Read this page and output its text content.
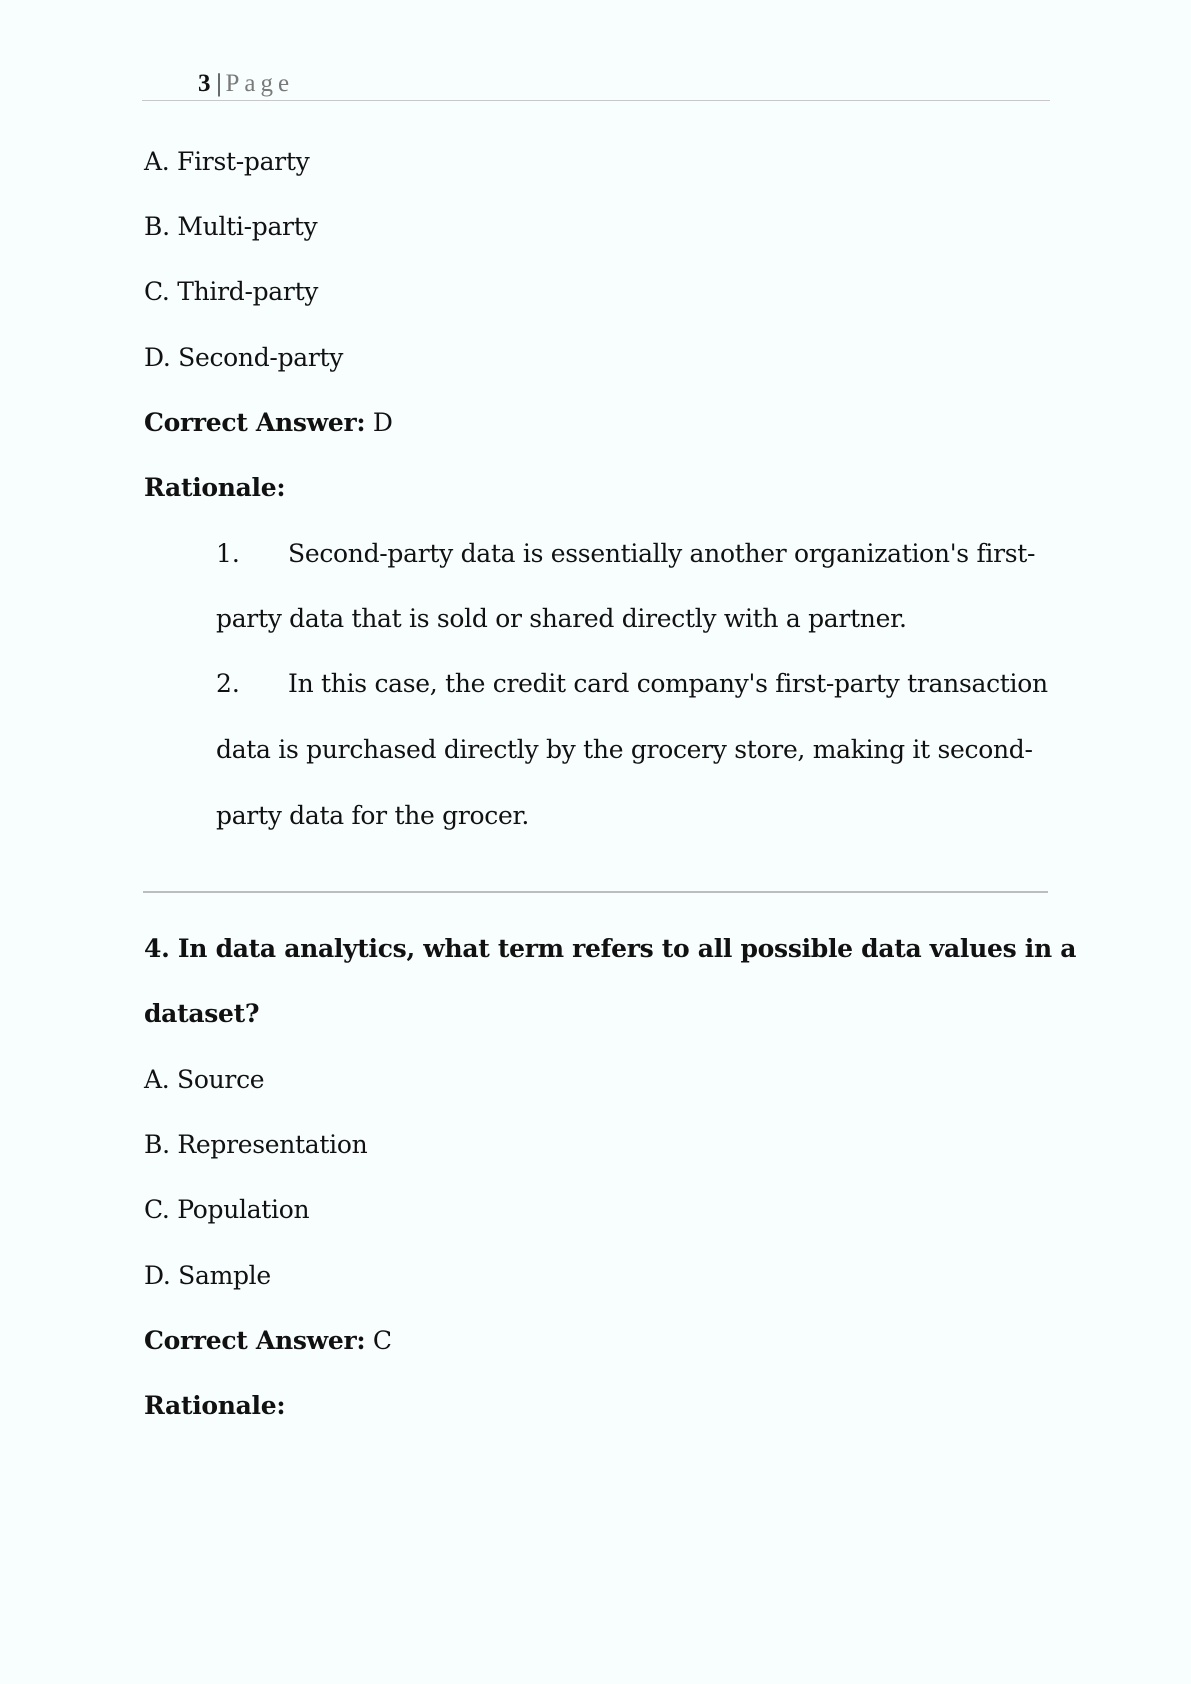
3 | Page
A. First-party
B. Multi-party
C. Third-party
D. Second-party
Correct Answer: D
Rationale:
1. Second-party data is essentially another organization's first-
party data that is sold or shared directly with a partner.
2. In this case, the credit card company's first-party transaction
data is purchased directly by the grocery store, making it second-
party data for the grocer.
4. In data analytics, what term refers to all possible data values in a
dataset?
A. Source
B. Representation
C. Population
D. Sample
Correct Answer: C
Rationale:
